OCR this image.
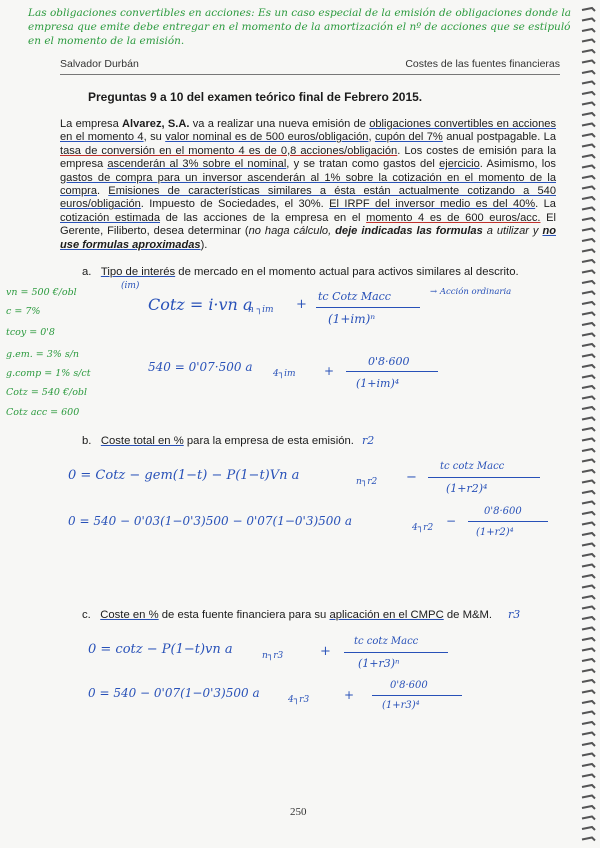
Las obligaciones convertibles en acciones: Es un caso especial de la emisión de obligaciones donde la empresa que emite debe entregar en el momento de la amortización el nº de acciones que se estipuló en el momento de la emisión.
Salvador Durbán	Costes de las fuentes financieras
Preguntas 9 a 10 del examen teórico final de Febrero 2015.
La empresa Alvarez, S.A. va a realizar una nueva emisión de obligaciones convertibles en acciones en el momento 4, su valor nominal es de 500 euros/obligación, cupón del 7% anual postpagable. La tasa de conversión en el momento 4 es de 0,8 acciones/obligación. Los costes de emisión para la empresa ascenderán al 3% sobre el nominal, y se tratan como gastos del ejercicio. Asimismo, los gastos de compra para un inversor ascenderán al 1% sobre la cotización en el momento de la compra. Emisiones de características similares a ésta están actualmente cotizando a 540 euros/obligación. Impuesto de Sociedades, el 30%. El IRPF del inversor medio es del 40%. La cotización estimada de las acciones de la empresa en el momento 4 es de 600 euros/acc. El Gerente, Filiberto, desea determinar (no haga cálculo, deje indicadas las formulas a utilizar y no use formulas aproximadas).
a. Tipo de interés de mercado en el momento actual para activos similares al descrito.
(im)
vn = 500 €/obl
c = 7%
tcoy = 0'8
g.em. = 3% s/n
g.comp = 1% s/ct
Cotz = 540 €/obl
Cotz acc = 600
Cotz = i·vn a
n ┐im +
tc Cotz Macc
(1+im)ⁿ
→ Acción ordinaria
540 = 0'07·500 a 4┐im +
0'8·600
(1+im)⁴
b. Coste total en % para la empresa de esta emisión. r2
0 = Cotz − gem(1−t) − P(1−t)Vn a	n┐r2 −
tc cotz Macc
(1+r2)⁴
0 = 540 − 0'03(1−0'3)500 − 0'07(1−0'3)500 a	4┐r2 −
0'8·600
(1+r2)⁴
c. Coste en % de esta fuente financiera para su aplicación en el CMPC de M&M. r3
0 = cotz − P(1−t)vn a	n┐r3	+
tc cotz Macc
(1+r3)ⁿ
0 = 540 − 0'07(1−0'3)500 a	4┐r3	+
0'8·600
(1+r3)⁴
250
